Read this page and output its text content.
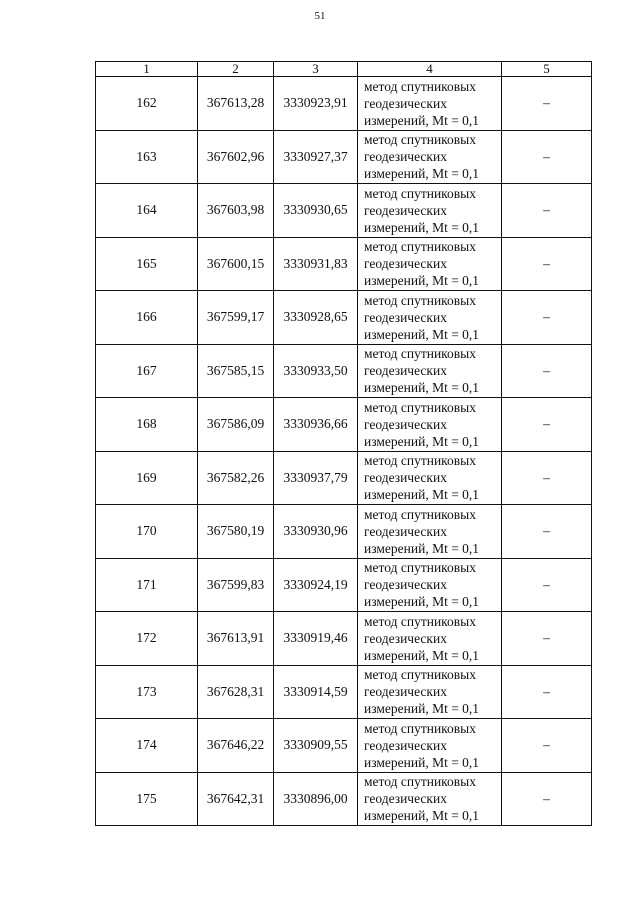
51
1	2	3	4	5
162	367613,28	3330923,91	метод спутниковых
геодезических
измерений, Mt = 0,1	–
163	367602,96	3330927,37	метод спутниковых
геодезических
измерений, Mt = 0,1	–
164	367603,98	3330930,65	метод спутниковых
геодезических
измерений, Mt = 0,1	–
165	367600,15	3330931,83	метод спутниковых
геодезических
измерений, Mt = 0,1	–
166	367599,17	3330928,65	метод спутниковых
геодезических
измерений, Mt = 0,1	–
167	367585,15	3330933,50	метод спутниковых
геодезических
измерений, Mt = 0,1	–
168	367586,09	3330936,66	метод спутниковых
геодезических
измерений, Mt = 0,1	–
169	367582,26	3330937,79	метод спутниковых
геодезических
измерений, Mt = 0,1	–
170	367580,19	3330930,96	метод спутниковых
геодезических
измерений, Mt = 0,1	–
171	367599,83	3330924,19	метод спутниковых
геодезических
измерений, Mt = 0,1	–
172	367613,91	3330919,46	метод спутниковых
геодезических
измерений, Mt = 0,1	–
173	367628,31	3330914,59	метод спутниковых
геодезических
измерений, Mt = 0,1	–
174	367646,22	3330909,55	метод спутниковых
геодезических
измерений, Mt = 0,1	–
175	367642,31	3330896,00	метод спутниковых
геодезических
измерений, Mt = 0,1	–
